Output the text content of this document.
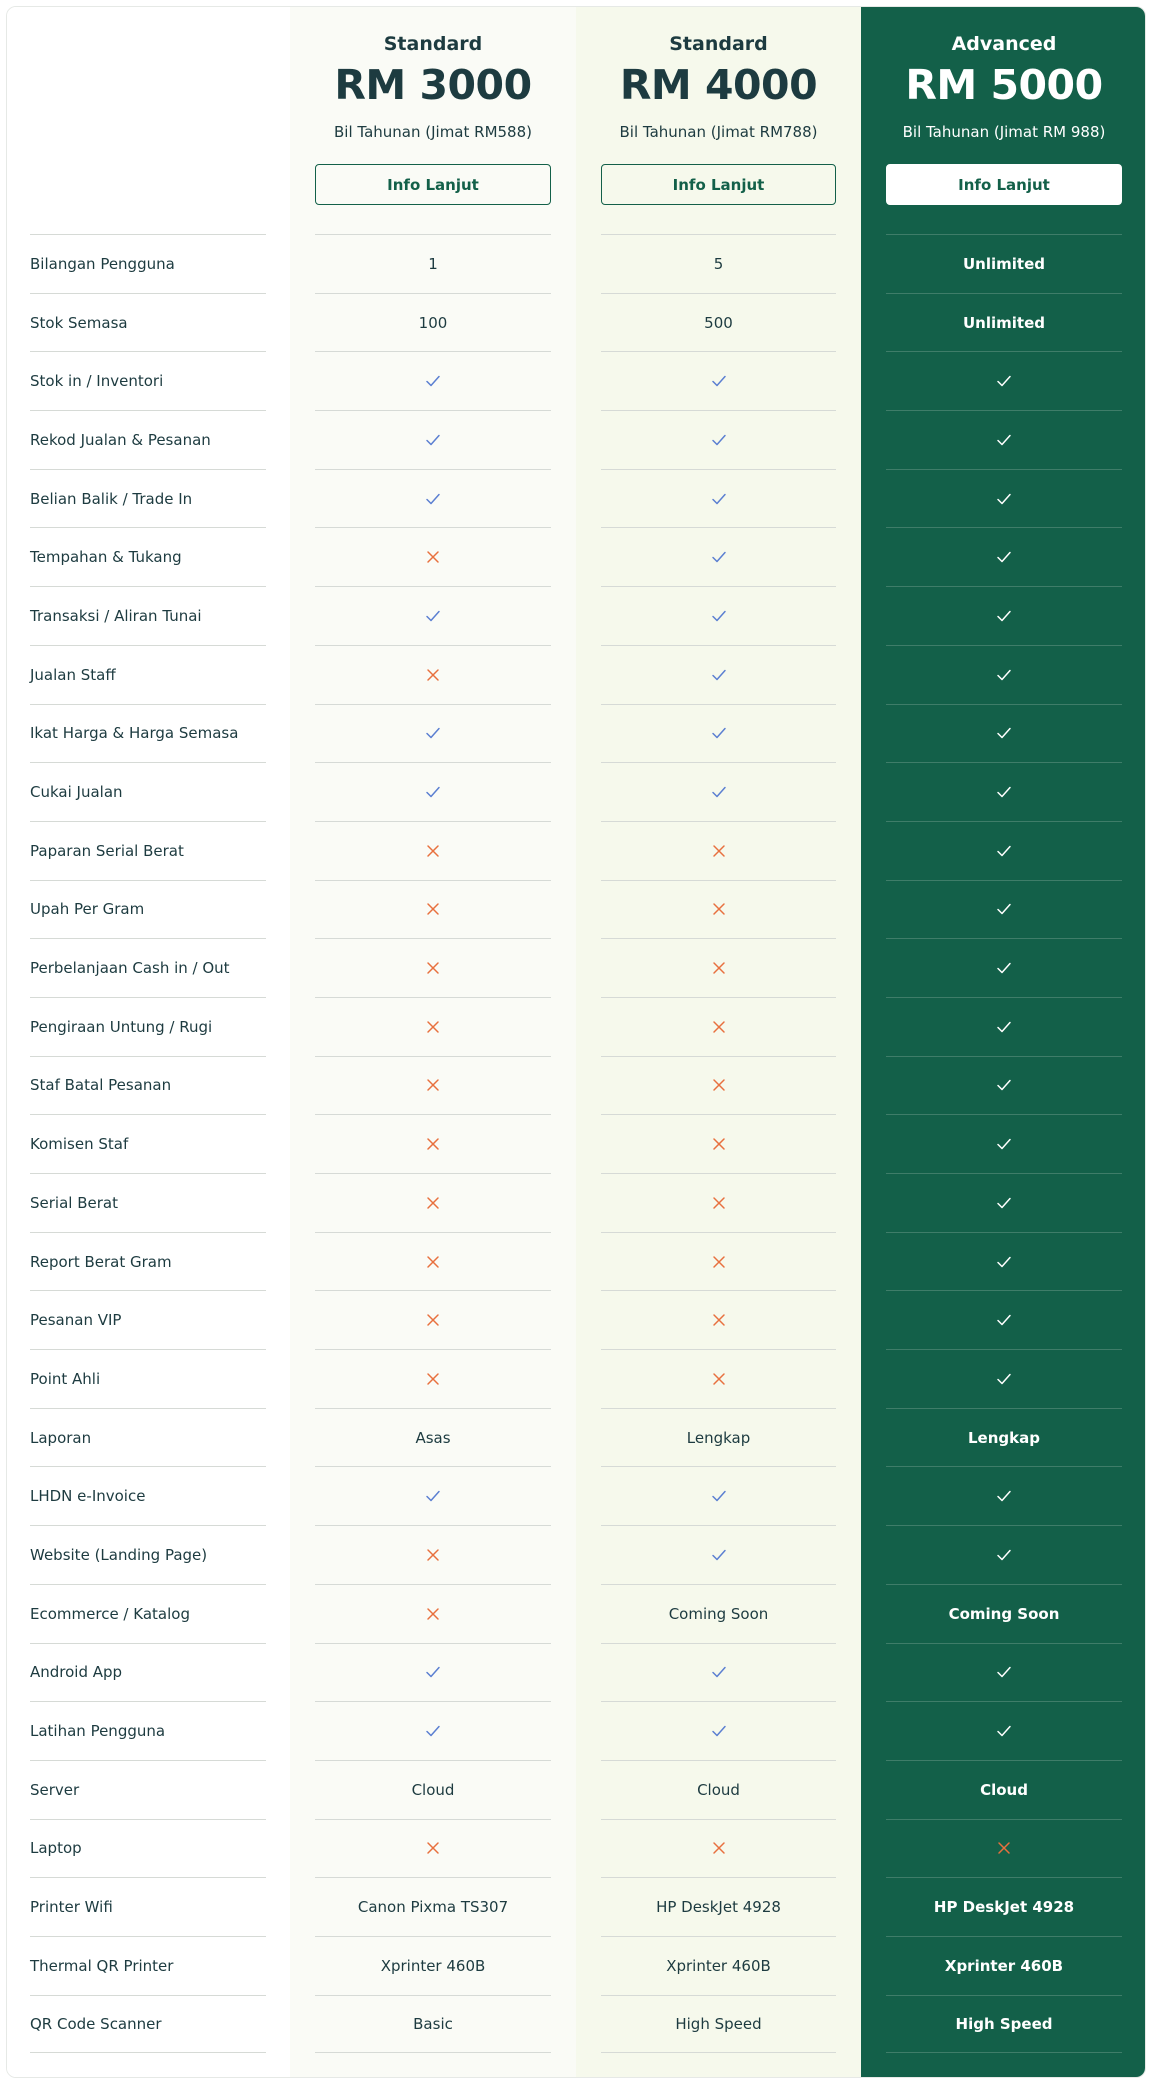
Bilangan Pengguna
Stok Semasa
Stok in / Inventori
Rekod Jualan & Pesanan
Belian Balik / Trade In
Tempahan & Tukang
Transaksi / Aliran Tunai
Jualan Staff
Ikat Harga & Harga Semasa
Cukai Jualan
Paparan Serial Berat
Upah Per Gram
Perbelanjaan Cash in / Out
Pengiraan Untung / Rugi
Staf Batal Pesanan
Komisen Staf
Serial Berat
Report Berat Gram
Pesanan VIP
Point Ahli
Laporan
LHDN e-Invoice
Website (Landing Page)
Ecommerce / Katalog
Android App
Latihan Pengguna
Server
Laptop
Printer Wifi
Thermal QR Printer
QR Code Scanner
Standard
RM 3000
Bil Tahunan (Jimat RM588)
Info Lanjut
1
100
Asas
Cloud
Canon Pixma TS307
Xprinter 460B
Basic
Standard
RM 4000
Bil Tahunan (Jimat RM788)
Info Lanjut
5
500
Lengkap
Coming Soon
Cloud
HP DeskJet 4928
Xprinter 460B
High Speed
Advanced
RM 5000
Bil Tahunan (Jimat RM 988)
Info Lanjut
Unlimited
Unlimited
Lengkap
Coming Soon
Cloud
HP DeskJet 4928
Xprinter 460B
High Speed
